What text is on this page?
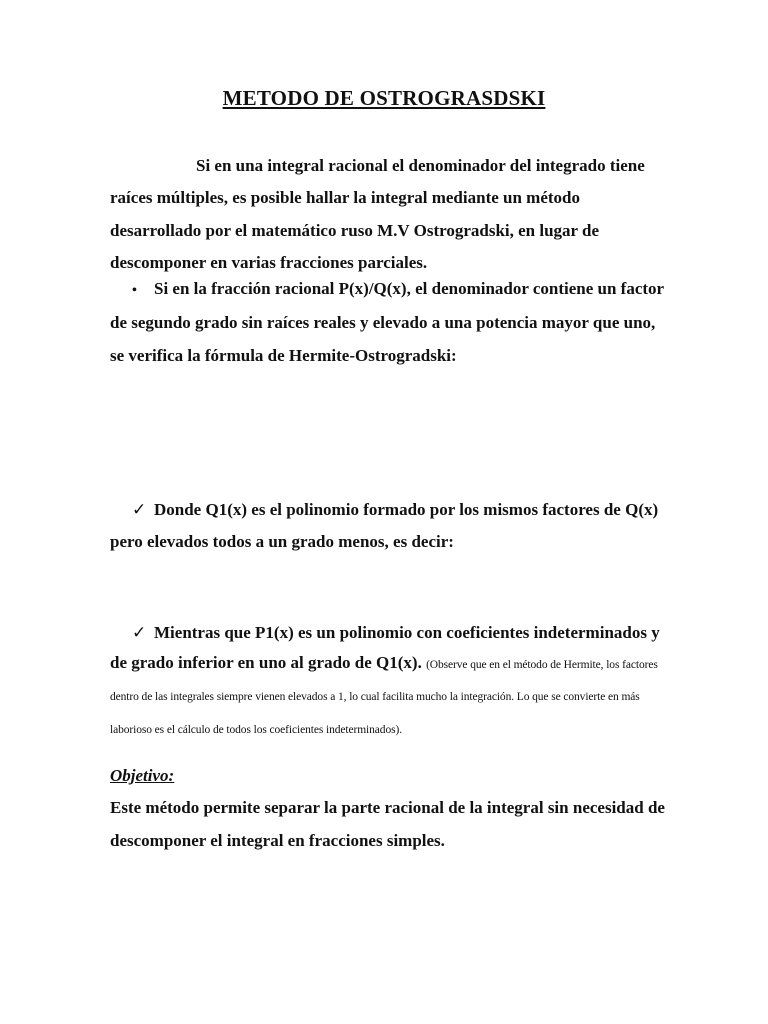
METODO DE OSTROGRASDSKI

Si en una integral racional el denominador del integrado tiene raíces múltiples, es posible hallar la integral mediante un método desarrollado por el matemático ruso M.V Ostrogradski, en lugar de descomponer en varias fracciones parciales.

• Si en la fracción racional P(x)/Q(x), el denominador contiene un factor de segundo grado sin raíces reales y elevado a una potencia mayor que uno, se verifica la fórmula de Hermite-Ostrogradski:

✓ Donde Q1(x) es el polinomio formado por los mismos factores de Q(x) pero elevados todos a un grado menos, es decir:

✓ Mientras que P1(x) es un polinomio con coeficientes indeterminados y de grado inferior en uno al grado de Q1(x). (Observe que en el método de Hermite, los factores dentro de las integrales siempre vienen elevados a 1, lo cual facilita mucho la integración. Lo que se convierte en más laborioso es el cálculo de todos los coeficientes indeterminados).

Objetivo:
Este método permite separar la parte racional de la integral sin necesidad de descomponer el integral en fracciones simples.
